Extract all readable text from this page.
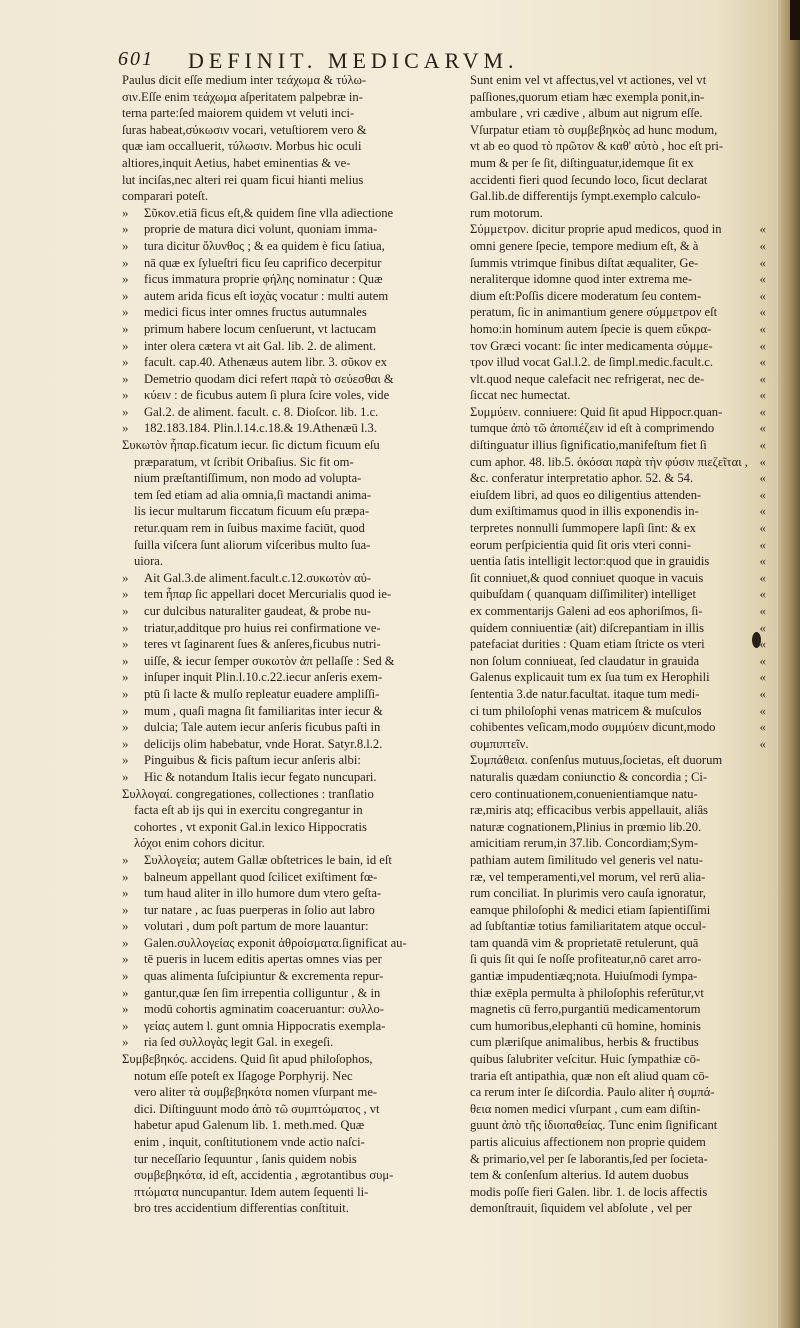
601 DEFINIT. MEDICARVM.
Paulus dicit eſſe medium inter τεάχωμα & τύλω-
σιν.Eſſe enim τεάχωμα aſperitatem palpebræ in-
terna parte:ſed maiorem quidem vt veluti inci-
ſuras habeat,σύκωσιν vocari, vetuſtiorem vero &
quæ iam occalluerit, τύλωσιν. Morbus hic oculi
altiores,inquit Aetius, habet eminentias & ve-
lut inciſas,nec alteri rei quam ficui hianti melius
comparari poteſt.
» Σῦκον.etiā ficus eſt,& quidem ſine vlla adiectione
» proprie de matura dici volunt, quoniam imma-
» tura dicitur ὄλυνθος ; & ea quidem è ficu ſatiua,
» nā quæ ex ſylueſtri ficu ſeu caprifico decerpitur
» ficus immatura proprie φήλης nominatur : Quæ
» autem arida ficus eſt ἰσχὰς vocatur : multi autem
» medici ficus inter omnes fructus autumnales
» primum habere locum cenſuerunt, vt lactucam
» inter olera cætera vt ait Gal. lib. 2. de aliment.
» facult. cap.40. Athenæus autem libr. 3. σῦκον ex
» Demetrio quodam dici refert παρὰ τὸ σεύεσθαι &
» κύειν : de ficubus autem ſi plura ſcire voles, vide
» Gal.2. de aliment. facult. c. 8. Dioſcor. lib. 1.c.
» 182.183.184. Plin.l.14.c.18.& 19.Athenæū l.3.
Συκωτὸν ἧπαρ.ficatum iecur. ſic dictum ficuum eſu
præparatum, vt ſcribit Oribaſius. Sic fit om-
nium præſtantiſſimum, non modo ad volupta-
tem ſed etiam ad alia omnia,ſi mactandi anima-
lis iecur multarum ficcatum ficuum eſu præpa-
retur.quam rem in ſuibus maxime faciūt, quod
ſuilla viſcera ſunt aliorum viſceribus multo ſua-
uiora.
» Ait Gal.3.de aliment.facult.c.12.συκωτὸν αὐ-
» tem ἧπαρ ſic appellari docet Mercurialis quod ie-
» cur dulcibus naturaliter gaudeat, & probe nu-
» triatur,additque pro huius rei confirmatione ve-
» teres vt ſaginarent ſues & anſeres,ficubus nutri-
» uiſſe, & iecur ſemper συκωτὸν ἀπ pellaſſe : Sed &
» inſuper inquit Plin.l.10.c.22.iecur anſeris exem-
» ptū ſi lacte & mulſo repleatur euadere ampliſſi-
» mum , quaſi magna ſit familiaritas inter iecur &
» dulcia; Tale autem iecur anſeris ficubus paſti in
» delicijs olim habebatur, vnde Horat. Satyr.8.l.2.
» Pinguibus & ficis paſtum iecur anſeris albi:
» Hic & notandum Italis iecur fegato nuncupari.
Συλλογαί. congregationes, collectiones : tranſlatio
facta eſt ab ijs qui in exercitu congregantur in
cohortes , vt exponit Gal.in lexico Hippocratis
λόχοι enim cohors dicitur.
» Συλλογεία; autem Gallæ obſtetrices le bain, id eſt
» balneum appellant quod ſcilicet exiſtiment fœ-
» tum haud aliter in illo humore dum vtero geſta-
» tur natare , ac ſuas puerperas in ſolio aut labro
» volutari , dum poſt partum de more lauantur:
» Galen.συλλογείας exponit ἀθροίσματα.ſignificat au-
» tē pueris in lucem editis apertas omnes vias per
» quas alimenta ſuſcipiuntur & excrementa repur-
» gantur,quæ ſen ſim irrepentia colliguntur , & in
» modū cohortis agminatim coaceruantur: συλλο-
» γείας autem l. gunt omnia Hippocratis exempla-
» ria ſed συλλογὰς legit Gal. in exegeſi.
Συμβεβηκός. accidens. Quid ſit apud philoſophos,
notum eſſe poteſt ex Iſagoge Porphyrij. Nec
vero aliter τὰ συμβεβηκότα nomen vſurpant me-
dici. Diſtinguunt modo ἀπὸ τῶ συμπτώματος , vt
habetur apud Galenum lib. 1. meth.med. Quæ
enim , inquit, conſtitutionem vnde actio naſci-
tur neceſſario ſequuntur , ſanis quidem nobis
συμβεβηκότα, id eſt, accidentia , ægrotantibus συμ-
πτώματα nuncupantur. Idem autem ſequenti li-
bro tres accidentium differentias conſtituit.
Sunt enim vel vt affectus,vel vt actiones, vel vt
paſſiones,quorum etiam hæc exempla ponit,in-
ambulare , vri cædive , album aut nigrum eſſe.
Vſurpatur etiam τὸ συμβεβηκὸς ad hunc modum,
vt ab eo quod τὸ πρῶτον & καθ' αὑτὸ , hoc eſt pri-
mum & per ſe ſit, diſtinguatur,idemque ſit ex
accidenti fieri quod ſecundo loco, ſicut declarat
Gal.lib.de differentijs ſympt.exemplo calculo-
rum motorum.
Σύμμετρον. dicitur proprie apud medicos, quod in «
omni genere ſpecie, tempore medium eſt, & à «
ſummis vtrimque finibus diſtat æqualiter, Ge- «
neraliterque idomne quod inter extrema me- «
dium eſt:Poſſis dicere moderatum ſeu contem- «
peratum, ſic in animantium genere σύμμετρον eſt «
homo:in hominum autem ſpecie is quem εὔκρα- «
τον Græci vocant: ſic inter medicamenta σύμμε- «
τρον illud vocat Gal.l.2. de ſimpl.medic.facult.c. «
vlt.quod neque calefacit nec refrigerat, nec de- «
ſiccat nec humectat. «
Συμμύειν. conniuere: Quid ſit apud Hippocr.quan- «
tumque ἀπὸ τῶ ἀποπιέζειν id eſt à comprimendo «
diſtinguatur illius ſignificatio,manifeſtum fiet ſi «
cum aphor. 48. lib.5. ὁκόσαι παρὰ τὴν φύσιν πιεζεῖται , «
&c. conferatur interpretatio aphor. 52. & 54. «
eiuſdem libri, ad quos eo diligentius attenden- «
dum exiſtimamus quod in illis exponendis in- «
terpretes nonnulli ſummopere lapſi ſint: & ex «
eorum perſpicientia quid ſit oris vteri conni- «
uentia ſatis intelligit lector:quod que in grauidis «
ſit conniuet,& quod conniuet quoque in vacuis «
quibuſdam ( quanquam diſſimiliter) intelliget «
ex commentarijs Galeni ad eos aphoriſmos, ſi- «
quidem conniuentiæ (ait) diſcrepantiam in illis «
patefaciat durities : Quam etiam ſtricte os vteri «
non ſolum conniueat, ſed claudatur in grauida «
Galenus explicauit tum ex ſua tum ex Herophili «
ſententia 3.de natur.facultat. itaque tum medi- «
ci tum philoſophi venas matricem & muſculos «
cohibentes veſicam,modo συμμύειν dicunt,modo «
συμπιπτεῖν. «
Συμπάθεια. conſenſus mutuus,ſocietas, eſt duorum
naturalis quædam coniunctio & concordia ; Ci-
cero continuationem,conuenientiamque natu-
ræ,miris atq; efficacibus verbis appellauit, aliâs
naturæ cognationem,Plinius in prœmio lib.20.
amicitiam rerum,in 37.lib. Concordiam;Sym-
pathiam autem ſimilitudo vel generis vel natu-
ræ, vel temperamenti,vel morum, vel rerū alia-
rum conciliat. In plurimis vero cauſa ignoratur,
eamque philoſophi & medici etiam ſapientiſſimi
ad ſubſtantiæ totius familiaritatem atque occul-
tam quandā vim & proprietatē retulerunt, quā
ſi quis ſit qui ſe noſſe profiteatur,nō caret arro-
gantiæ impudentiæq;nota. Huiuſmodi ſympa-
thiæ exēpla permulta à philoſophis referūtur,vt
magnetis cū ferro,purgantiū medicamentorum
cum humoribus,elephanti cū homine, hominis
cum plæriſque animalibus, herbis & fructibus
quibus ſalubriter veſcitur. Huic ſympathiæ cō-
traria eſt antipathia, quæ non eſt aliud quam cō-
ca rerum inter ſe diſcordia. Paulo aliter ἡ συμπά-
θεια nomen medici vſurpant , cum eam diſtin-
guunt ἀπὸ τῆς ἰδιοπαθείας. Tunc enim ſignificant
partis alicuius affectionem non proprie quidem
& primario,vel per ſe laborantis,ſed per ſocieta-
tem & conſenſum alterius. Id autem duobus
modis poſſe fieri Galen. libr. 1. de locis affectis
demonſtrauit, ſiquidem vel abſolute , vel per
